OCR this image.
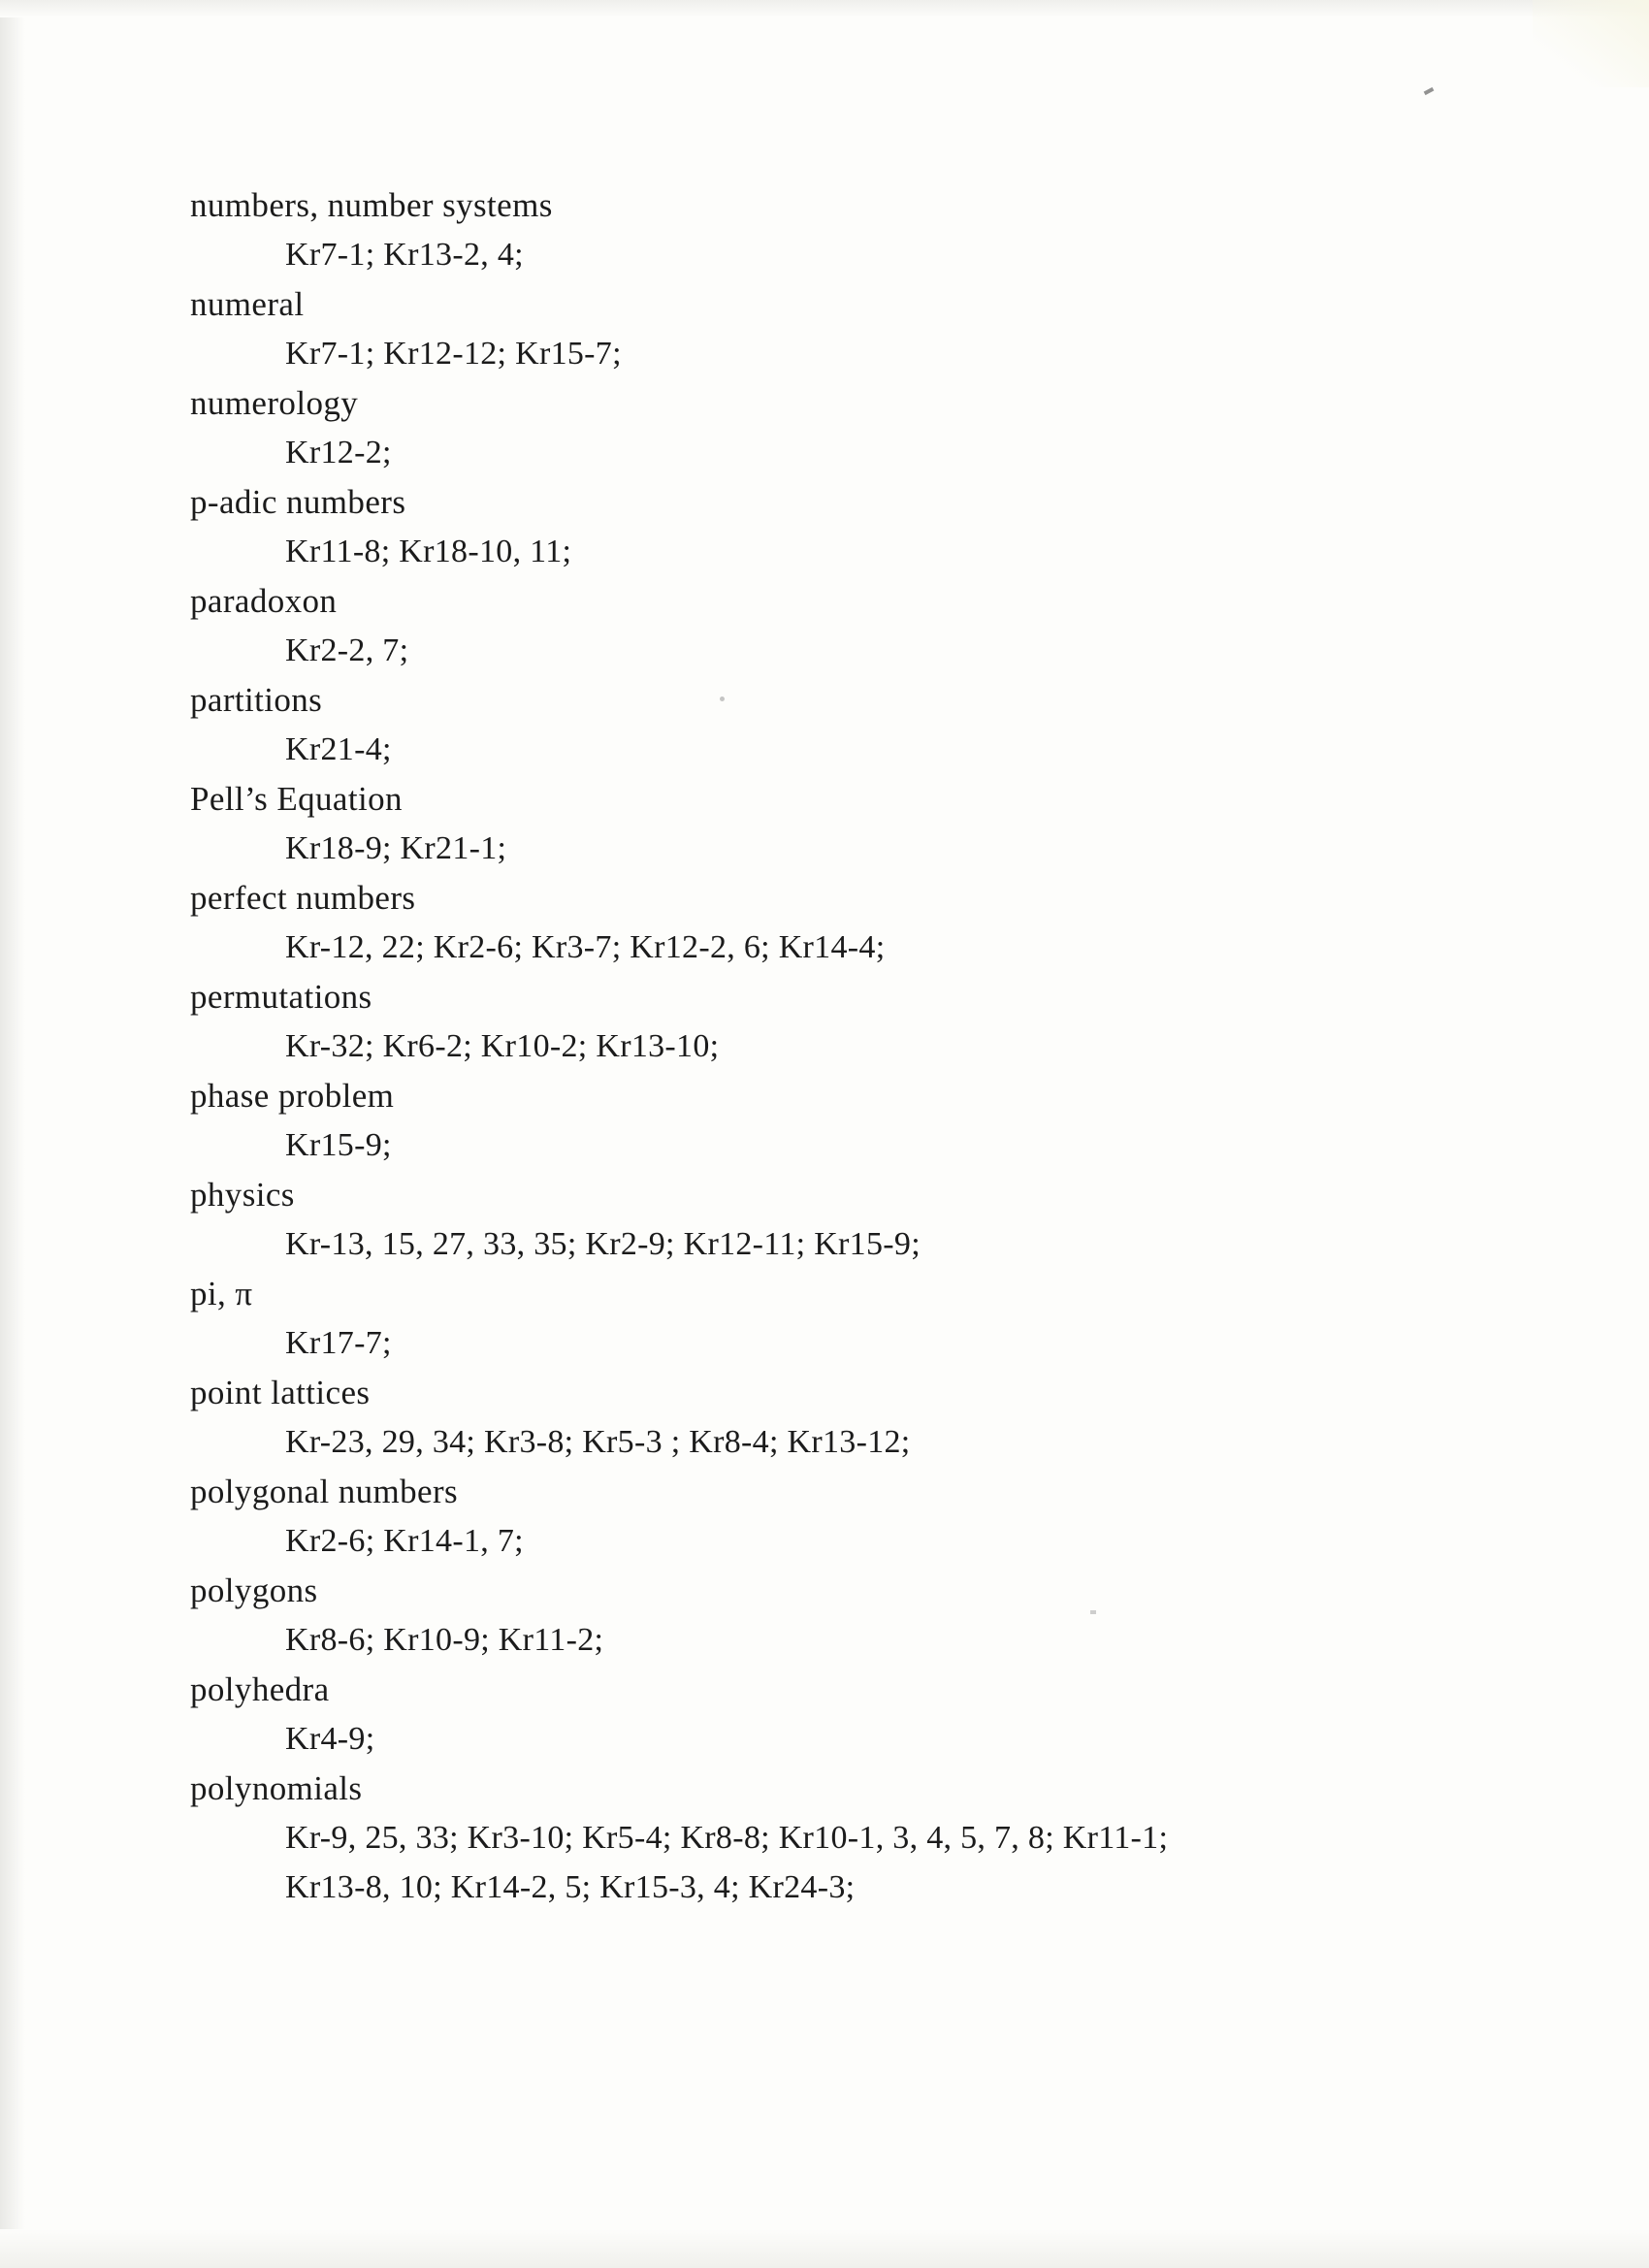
numbers, number systems
Kr7-1; Kr13-2, 4;
numeral
Kr7-1; Kr12-12; Kr15-7;
numerology
Kr12-2;
p-adic numbers
Kr11-8; Kr18-10, 11;
paradoxon
Kr2-2, 7;
partitions
Kr21-4;
Pell’s Equation
Kr18-9; Kr21-1;
perfect numbers
Kr-12, 22; Kr2-6; Kr3-7; Kr12-2, 6; Kr14-4;
permutations
Kr-32; Kr6-2; Kr10-2; Kr13-10;
phase problem
Kr15-9;
physics
Kr-13, 15, 27, 33, 35; Kr2-9; Kr12-11; Kr15-9;
pi, π
Kr17-7;
point lattices
Kr-23, 29, 34; Kr3-8; Kr5-3 ; Kr8-4; Kr13-12;
polygonal numbers
Kr2-6; Kr14-1, 7;
polygons
Kr8-6; Kr10-9; Kr11-2;
polyhedra
Kr4-9;
polynomials
Kr-9, 25, 33; Kr3-10; Kr5-4; Kr8-8; Kr10-1, 3, 4, 5, 7, 8; Kr11-1;
Kr13-8, 10; Kr14-2, 5; Kr15-3, 4; Kr24-3;
